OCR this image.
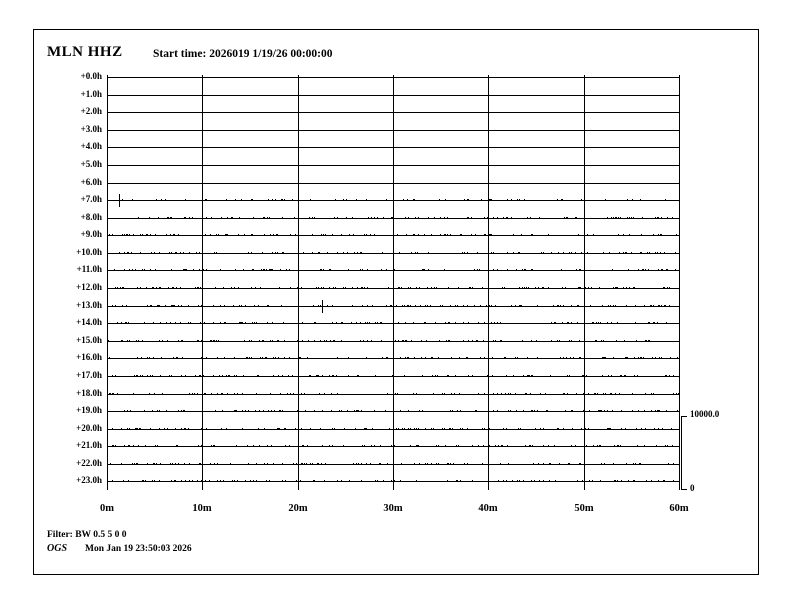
MLN HHZ	Start time: 2026019 1/19/26 00:00:00
+0.0h
+1.0h
+2.0h
+3.0h
+4.0h
+5.0h
+6.0h
+7.0h
+8.0h
+9.0h
+10.0h
+11.0h
+12.0h
+13.0h
+14.0h
+15.0h
+16.0h
+17.0h
+18.0h
+19.0h
+20.0h
+21.0h
+22.0h
+23.0h
0m	10m	20m	30m	40m	50m	60m
10000.0
0
Filter: BW 0.5 5 0 0
OGS Mon Jan 19 23:50:03 2026
